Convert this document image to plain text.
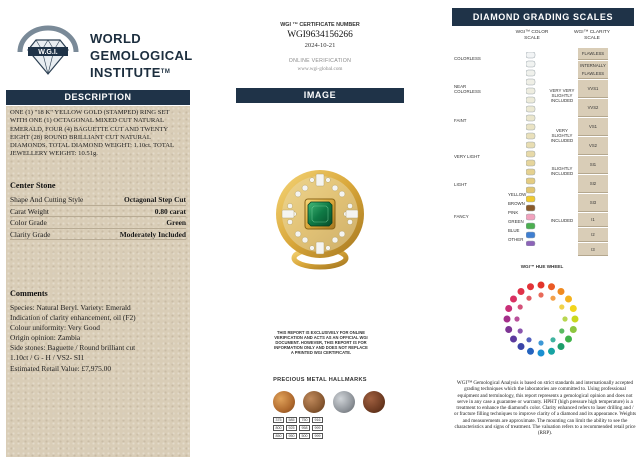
W.G.I.
WORLD
GEMOLOGICAL
INSTITUTE™
DESCRIPTION
ONE (1) "18 K" YELLOW GOLD (STAMPED) RING SET WITH ONE (1) OCTAGONAL MIXED CUT NATURAL EMERALD, FOUR (4) BAGUETTE CUT AND TWENTY EIGHT (28) ROUND BRILLIANT CUT NATURAL DIAMONDS. TOTAL DIAMOND WEIGHT: 1.10ct. TOTAL JEWELLERY WEIGHT: 10.51g.
Center Stone
Shape And Cutting Style	Octagonal Step Cut
Carat Weight	0.80 carat
Color Grade	Green
Clarity Grade	Moderately Included
Comments
Species: Natural Beryl. Variety: Emerald
Indication of clarity enhancement, oil (F2)
Colour uniformity: Very Good
Origin opinion: Zambia
Side stones: Baguette / Round brilliant cut
1.10ct / G - H / VS2- SI1
Estimated Retail Value: £7,975.00
WGI ™ CERTIFICATE NUMBER
WGI9634156266
2024-10-21
ONLINE VERIFICATION
www.wgi-global.com
IMAGE
THIS REPORT IS EXCLUSIVELY FOR ONLINE VERIFICATION AND ACTS AS AN OFFICIAL WGI DOCUMENT. HOWEVER, THIS REPORT IS FOR INFORMATION ONLY AND DOES NOT REPLACE A PRINTED WGI CERTIFICATE.
PRECIOUS METAL HALLMARKS
375	585	750	916
800	925	958	999
850	950	500	999
DIAMOND GRADING SCALES
WGI™ COLOR SCALE
WGI™ CLARITY SCALE
COLORLESS
NEAR COLORLESS
FAINT
VERY LIGHT
LIGHT
FANCY
YELLOW
BROWN
PINK
GREEN
BLUE
OTHER
VERY VERY SLIGHTLY INCLUDED
VERY SLIGHTLY INCLUDED
SLIGHTLY INCLUDED
INCLUDED
FLAWLESS
INTERNALLY FLAWLESS
VVS1
VVS2
VS1
VS2
SI1
SI2
SI3
I1
I2
I3
WGI™ HUE WHEEL
WGI™ Gemological Analysis is based on strict standards and internationally accepted grading techniques which the laboratories are committed to. Using professional equipment and terminology, this report represents a gemological opinion and does not serve in any case a guarantee or warranty. HPHT (high pressure high temperature) is a treatment to enhance the diamond's color. Clarity enhanced refers to laser drilling and / or fracture filling techniques to improve clarity of a diamond and its appearance. Weights and measurements are approximate. The mounting can limit the ability to see the characteristics and signs of treatment. The valuation refers to a recommended retail price (RRP).
